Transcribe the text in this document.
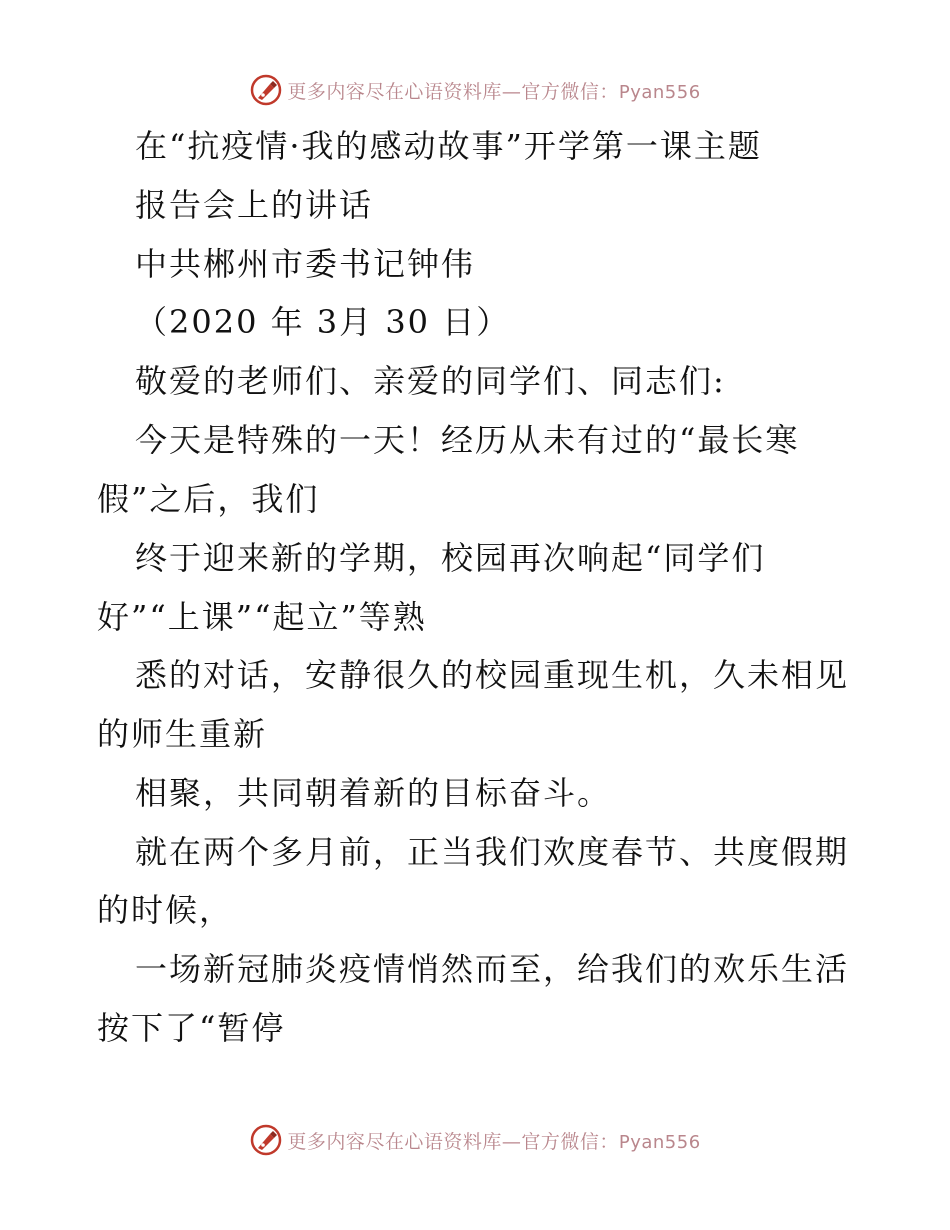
更多内容尽在心语资料库—官方微信：Pyan556

在“抗疫情·我的感动故事”开学第一课主题

报告会上的讲话

中共郴州市委书记钟伟

（2020 年 3月 30 日）

敬爱的老师们、亲爱的同学们、同志们:

今天是特殊的一天！经历从未有过的“最长寒

假”之后，我们

终于迎来新的学期，校园再次响起“同学们

好”“上课”“起立”等熟

悉的对话，安静很久的校园重现生机，久未相见

的师生重新

相聚，共同朝着新的目标奋斗。

就在两个多月前，正当我们欢度春节、共度假期

的时候，

一场新冠肺炎疫情悄然而至，给我们的欢乐生活

按下了“暂停

更多内容尽在心语资料库—官方微信：Pyan556
